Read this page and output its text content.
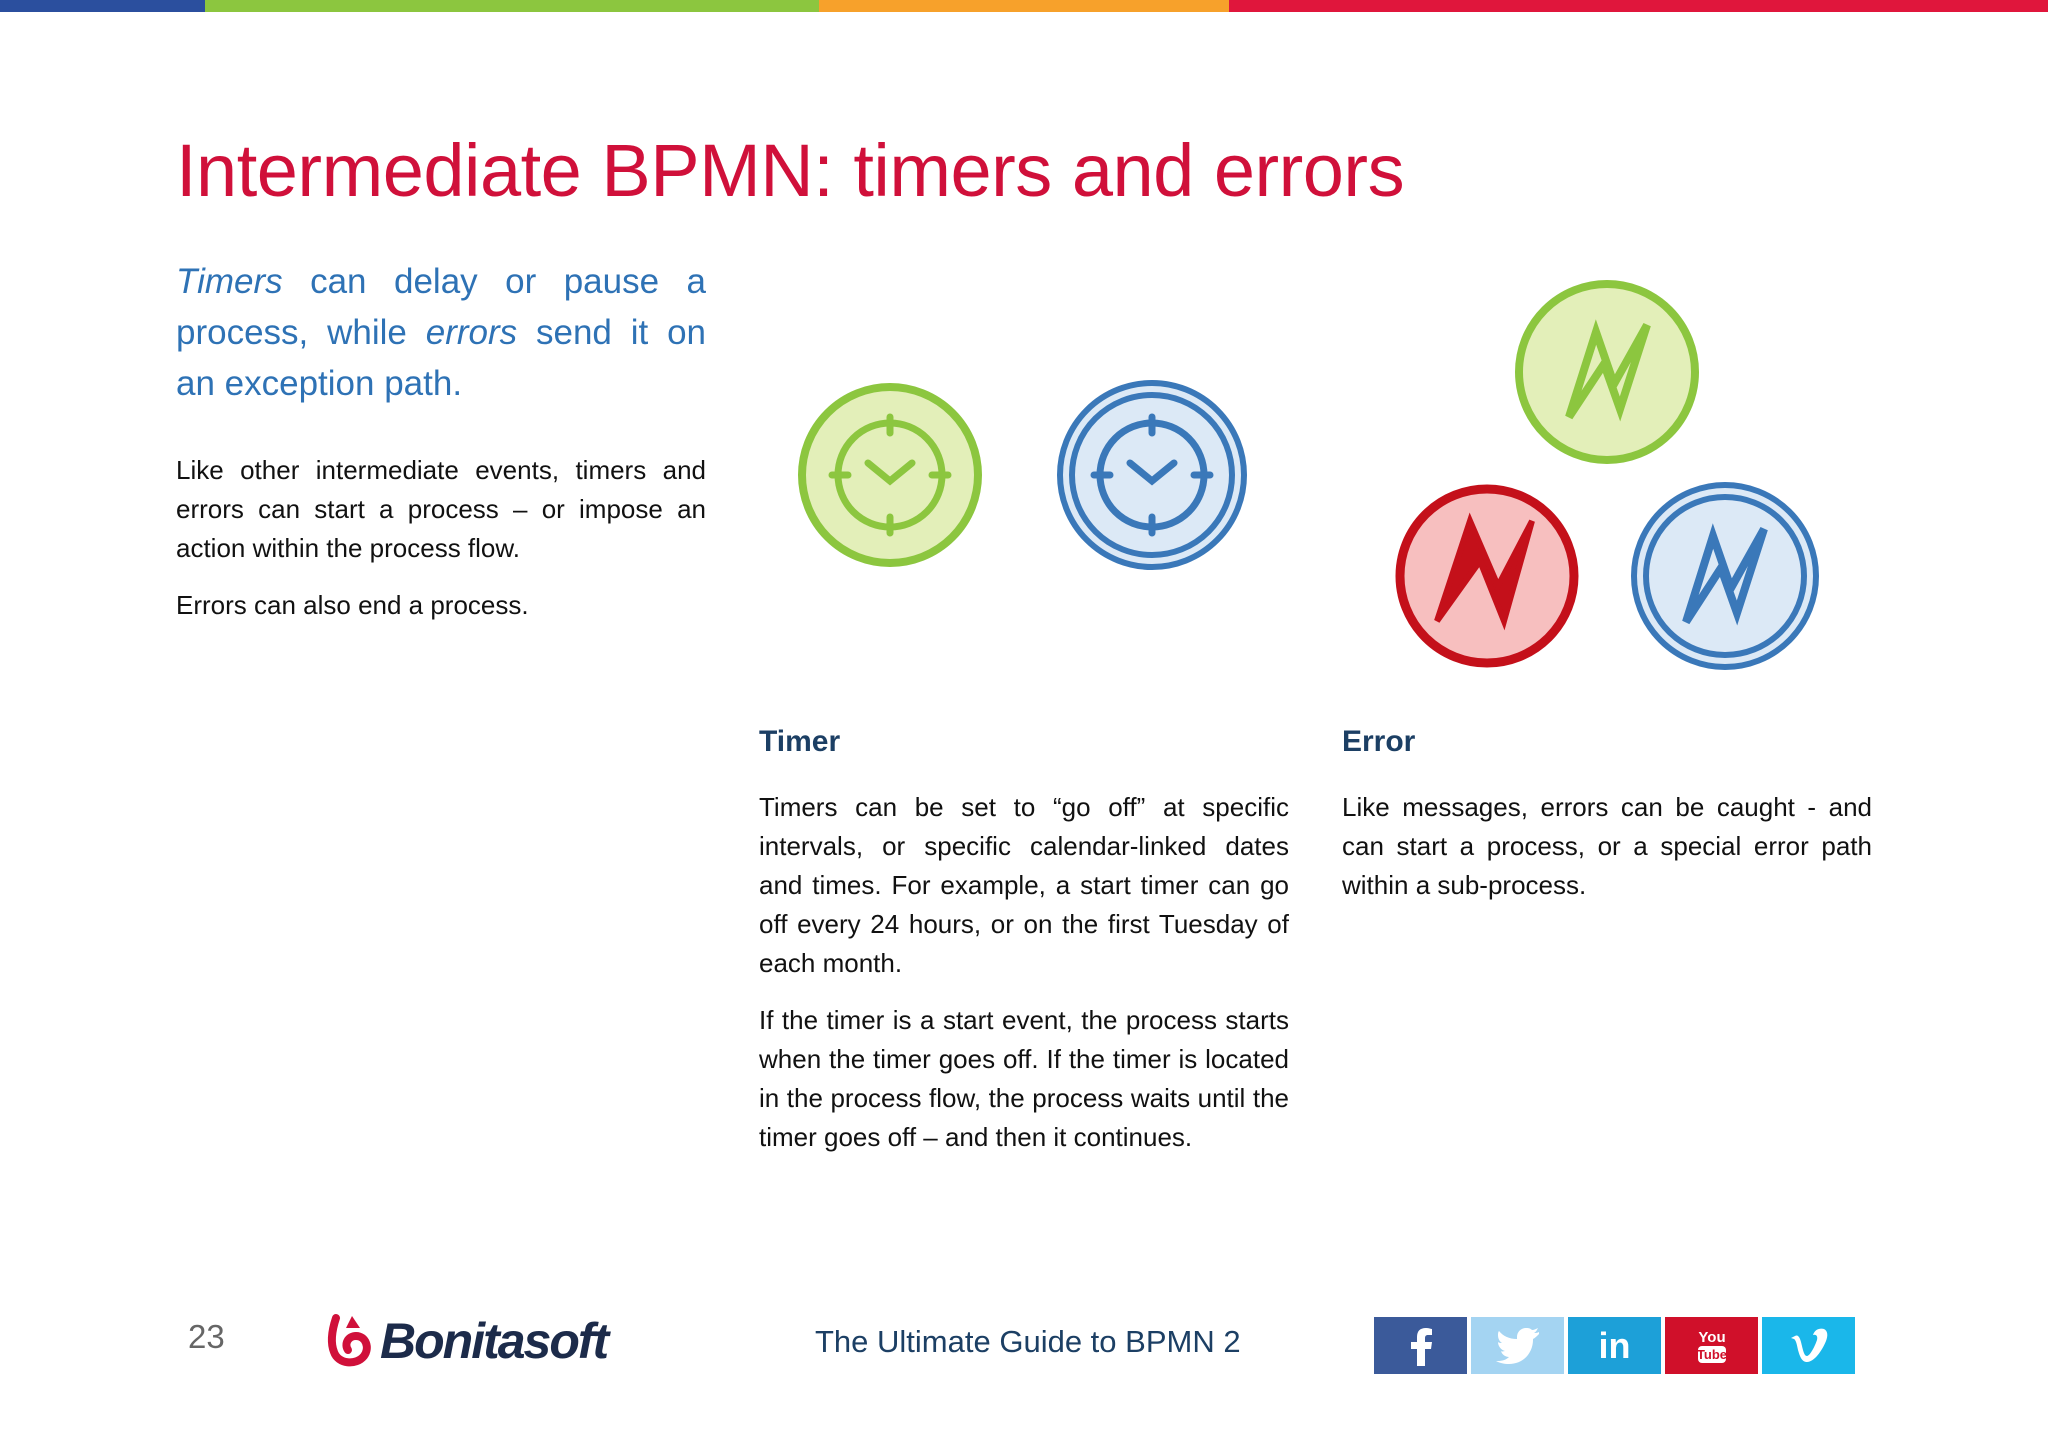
Intermediate BPMN: timers and errors

Timers can delay or pause a process, while errors send it on an exception path.

Like other intermediate events, timers and errors can start a process – or impose an action within the process flow.

Errors can also end a process.

Timer

Timers can be set to “go off” at specific intervals, or specific calendar-linked dates and times. For example, a start timer can go off every 24 hours, or on the first Tuesday of each month.

If the timer is a start event, the process starts when the timer goes off. If the timer is located in the process flow, the process waits until the timer goes off – and then it continues.

Error

Like messages, errors can be caught - and can start a process, or a special error path within a sub-process.

23	Bonitasoft	The Ultimate Guide to BPMN 2	in	You
Tube
